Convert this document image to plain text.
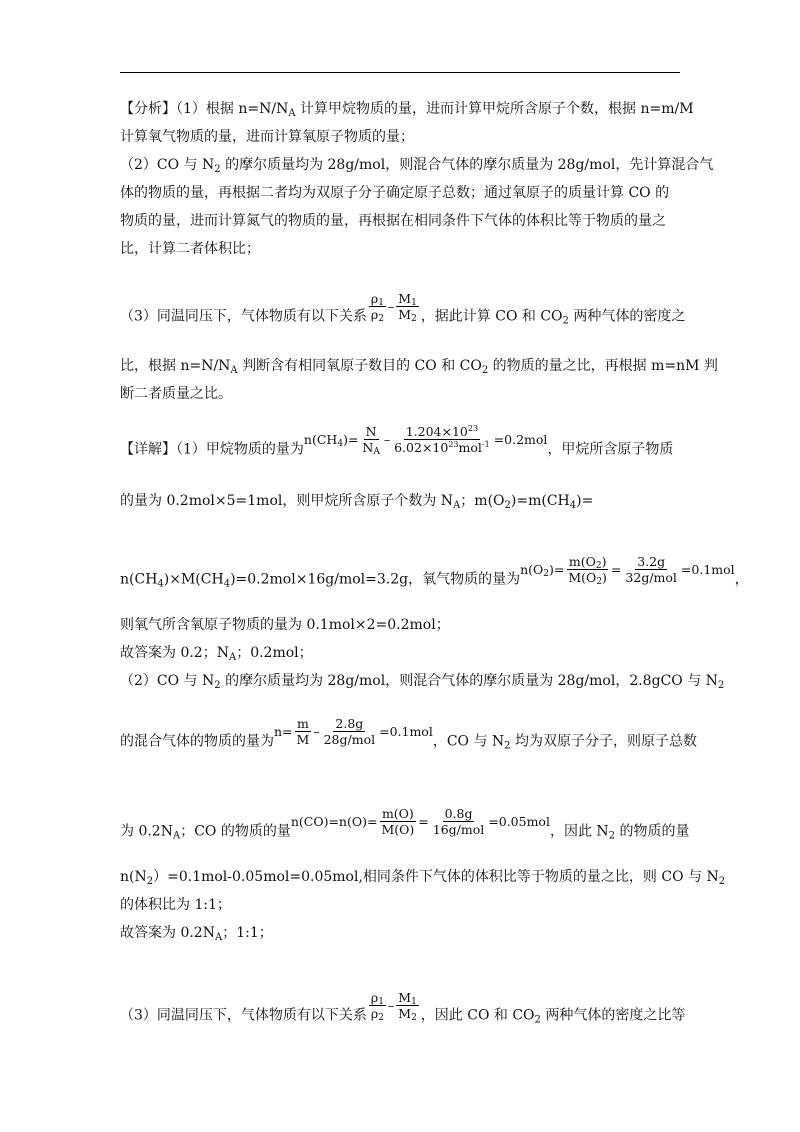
【分析】（1）根据 $n=N/N_A$ 计算甲烷物质的量，进而计算甲烷所含原子个数，根据 n=m/M
计算氧气物质的量，进而计算氧原子物质的量；
（2）CO 与 $N_2$ 的摩尔质量均为 28g/mol，则混合气体的摩尔质量为 28g/mol，先计算混合气
体的物质的量，再根据二者均为双原子分子确定原子总数；通过氧原子的质量计算 CO 的
物质的量，进而计算氮气的物质的量，再根据在相同条件下气体的体积比等于物质的量之
比，计算二者体积比；
（3）同温同压下，气体物质有以下关系 $\frac{\rho_1}{\rho_2} - \frac{M_1}{M_2}$ ，据此计算 CO 和 $CO_2$ 两种气体的密度之
比，根据 $n=N/N_A$ 判断含有相同氧原子数目的 CO 和 $CO_2$ 的物质的量之比，再根据 m=nM 判
断二者质量之比。
【详解】（1）甲烷物质的量为$n(CH_4)= \frac{N}{N_A} - \frac{1.204\times 10^{23}}{6.02\times 10^{23}mol^{-1}} =0.2mol$，甲烷所含原子物质
的量为 0.2mol×5=1mol，则甲烷所含原子个数为 $N_A$；$m(O_2)=m(CH_4)=$
$n(CH_4)\times M(CH_4)=0.2mol\times 16g/mol=3.2g$，氧气物质的量为$n(O_2)= \frac{m(O_2)}{M(O_2)} = \frac{3.2g}{\text{32g/mol}} =0.1mol$，
则氧气所含氧原子物质的量为 0.1mol×2=0.2mol；
故答案为 0.2；$N_A$；0.2mol；
（2）CO 与 $N_2$ 的摩尔质量均为 28g/mol，则混合气体的摩尔质量为 28g/mol，2.8gCO 与 $N_2$
的混合气体的物质的量为$n= \frac{m}{M} - \frac{2.8g}{\text{28g/mol}} =0.1mol$，CO 与 $N_2$ 均为双原子分子，则原子总数
为 $0.2N_A$；CO 的物质的量$n(CO)=n(O)= \frac{m(O)}{M(O)} = \frac{0.8g}{\text{16g/mol}} =0.05mol$，因此 $N_2$ 的物质的量
$n(N_2)=0.1mol-0.05mol=0.05mol$,相同条件下气体的体积比等于物质的量之比，则 CO 与 $N_2$
的体积比为 1:1；
故答案为 $0.2N_A$；1:1；
（3）同温同压下，气体物质有以下关系 $\frac{\rho_1}{\rho_2} - \frac{M_1}{M_2}$ ，因此 CO 和 $CO_2$ 两种气体的密度之比等
